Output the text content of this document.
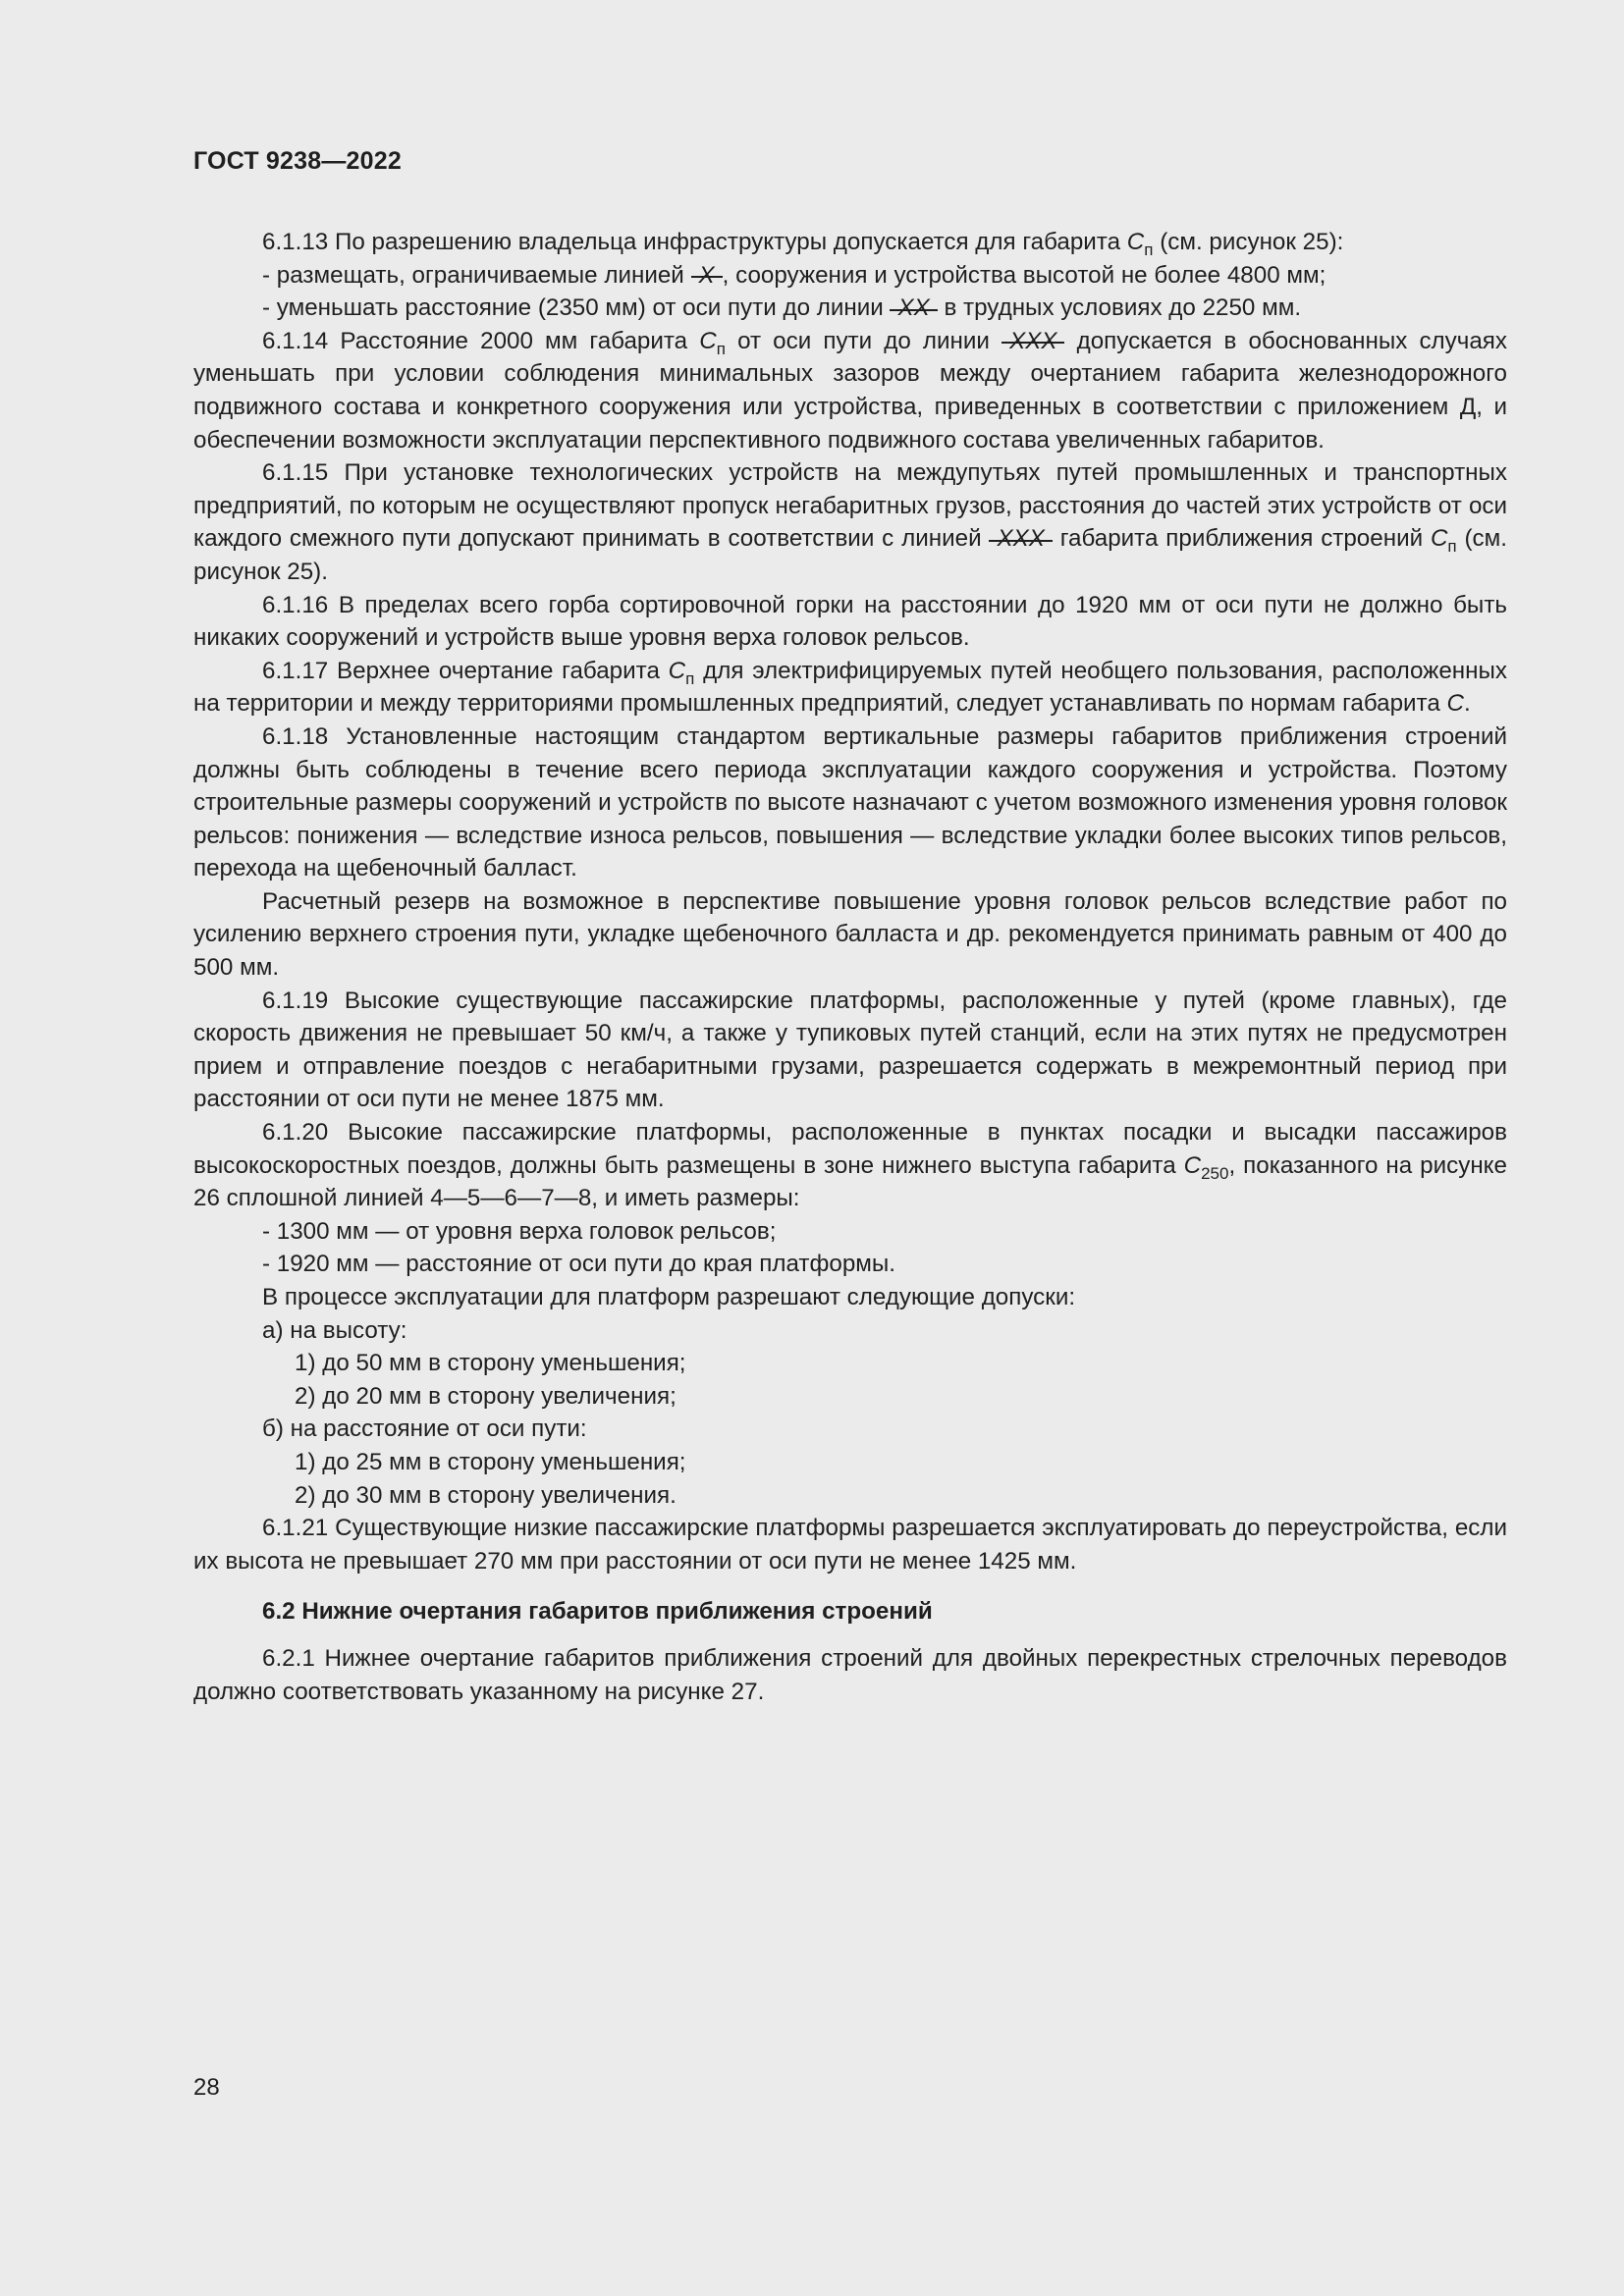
ГОСТ 9238—2022

6.1.13 По разрешению владельца инфраструктуры допускается для габарита $С_п$ (см. рисунок 25):

- размещать, ограничиваемые линией X , сооружения и устройства высотой не более 4800 мм;

- уменьшать расстояние (2350 мм) от оси пути до линии XX в трудных условиях до 2250 мм.

6.1.14 Расстояние 2000 мм габарита $С_п$ от оси пути до линии XXX допускается в обоснованных случаях уменьшать при условии соблюдения минимальных зазоров между очертанием габарита железнодорожного подвижного состава и конкретного сооружения или устройства, приведенных в соответствии с приложением Д, и обеспечении возможности эксплуатации перспективного подвижного состава увеличенных габаритов.

6.1.15 При установке технологических устройств на междупутьях путей промышленных и транспортных предприятий, по которым не осуществляют пропуск негабаритных грузов, расстояния до частей этих устройств от оси каждого смежного пути допускают принимать в соответствии с линией XXX габарита приближения строений $С_п$ (см. рисунок 25).

6.1.16 В пределах всего горба сортировочной горки на расстоянии до 1920 мм от оси пути не должно быть никаких сооружений и устройств выше уровня верха головок рельсов.

6.1.17 Верхнее очертание габарита $С_п$ для электрифицируемых путей необщего пользования, расположенных на территории и между территориями промышленных предприятий, следует устанавливать по нормам габарита С.

6.1.18 Установленные настоящим стандартом вертикальные размеры габаритов приближения строений должны быть соблюдены в течение всего периода эксплуатации каждого сооружения и устройства. Поэтому строительные размеры сооружений и устройств по высоте назначают с учетом возможного изменения уровня головок рельсов: понижения — вследствие износа рельсов, повышения — вследствие укладки более высоких типов рельсов, перехода на щебеночный балласт.

Расчетный резерв на возможное в перспективе повышение уровня головок рельсов вследствие работ по усилению верхнего строения пути, укладке щебеночного балласта и др. рекомендуется принимать равным от 400 до 500 мм.

6.1.19 Высокие существующие пассажирские платформы, расположенные у путей (кроме главных), где скорость движения не превышает 50 км/ч, а также у тупиковых путей станций, если на этих путях не предусмотрен прием и отправление поездов с негабаритными грузами, разрешается содержать в межремонтный период при расстоянии от оси пути не менее 1875 мм.

6.1.20 Высокие пассажирские платформы, расположенные в пунктах посадки и высадки пассажиров высокоскоростных поездов, должны быть размещены в зоне нижнего выступа габарита $С_{250}$, показанного на рисунке 26 сплошной линией 4—5—6—7—8, и иметь размеры:

- 1300 мм — от уровня верха головок рельсов;

- 1920 мм — расстояние от оси пути до края платформы.

В процессе эксплуатации для платформ разрешают следующие допуски:

а) на высоту:

1) до 50 мм в сторону уменьшения;

2) до 20 мм в сторону увеличения;

б) на расстояние от оси пути:

1) до 25 мм в сторону уменьшения;

2) до 30 мм в сторону увеличения.

6.1.21 Существующие низкие пассажирские платформы разрешается эксплуатировать до переустройства, если их высота не превышает 270 мм при расстоянии от оси пути не менее 1425 мм.

6.2 Нижние очертания габаритов приближения строений

6.2.1 Нижнее очертание габаритов приближения строений для двойных перекрестных стрелочных переводов должно соответствовать указанному на рисунке 27.

28
